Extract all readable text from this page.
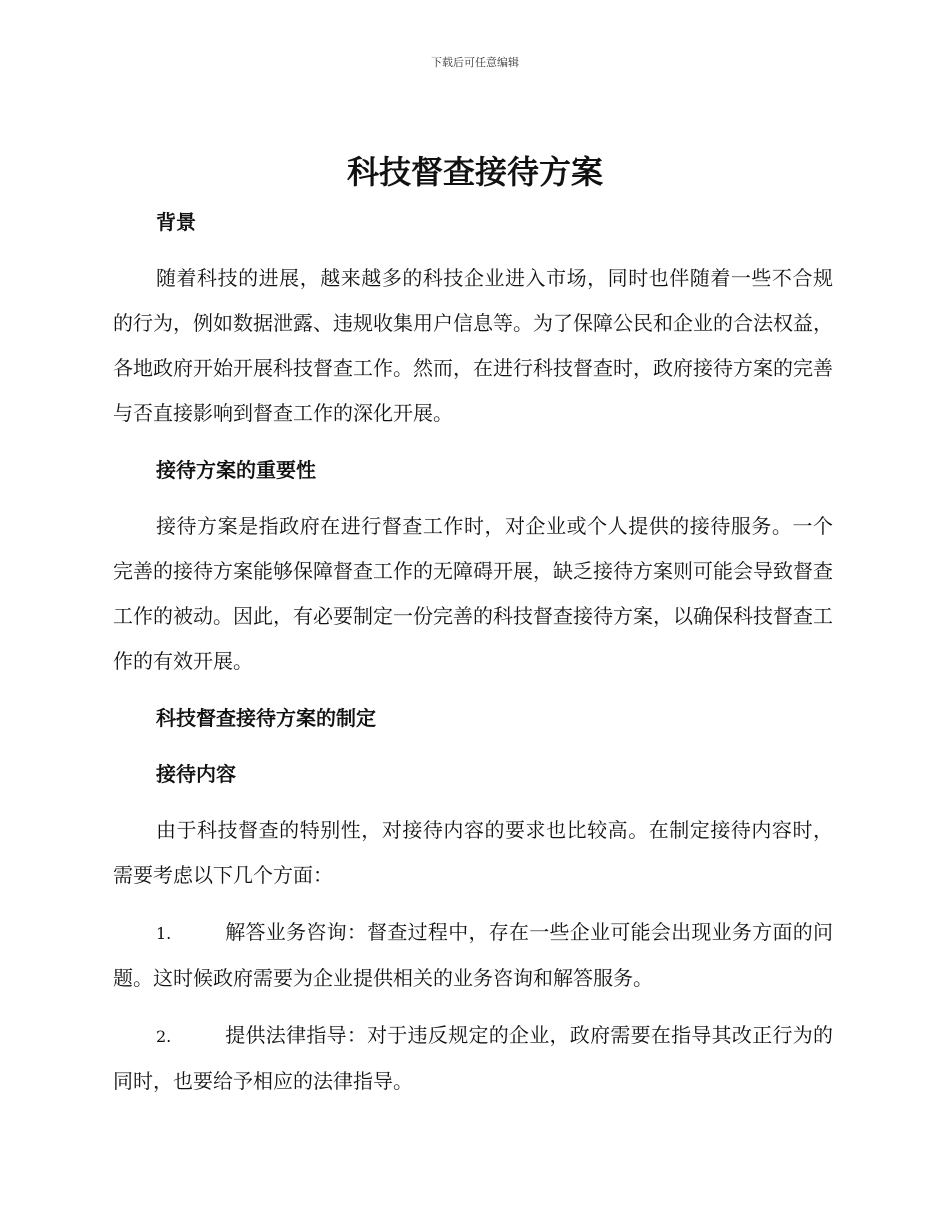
下载后可任意编辑
科技督查接待方案

背景

随着科技的进展，越来越多的科技企业进入市场，同时也伴随着一些不合规的行为，例如数据泄露、违规收集用户信息等。为了保障公民和企业的合法权益，各地政府开始开展科技督查工作。然而，在进行科技督查时，政府接待方案的完善与否直接影响到督查工作的深化开展。

接待方案的重要性

接待方案是指政府在进行督查工作时，对企业或个人提供的接待服务。一个完善的接待方案能够保障督查工作的无障碍开展，缺乏接待方案则可能会导致督查工作的被动。因此，有必要制定一份完善的科技督查接待方案，以确保科技督查工作的有效开展。

科技督查接待方案的制定

接待内容

由于科技督查的特别性，对接待内容的要求也比较高。在制定接待内容时，需要考虑以下几个方面：

1.	解答业务咨询：督查过程中，存在一些企业可能会出现业务方面的问题。这时候政府需要为企业提供相关的业务咨询和解答服务。

2.	提供法律指导：对于违反规定的企业，政府需要在指导其改正行为的同时，也要给予相应的法律指导。
